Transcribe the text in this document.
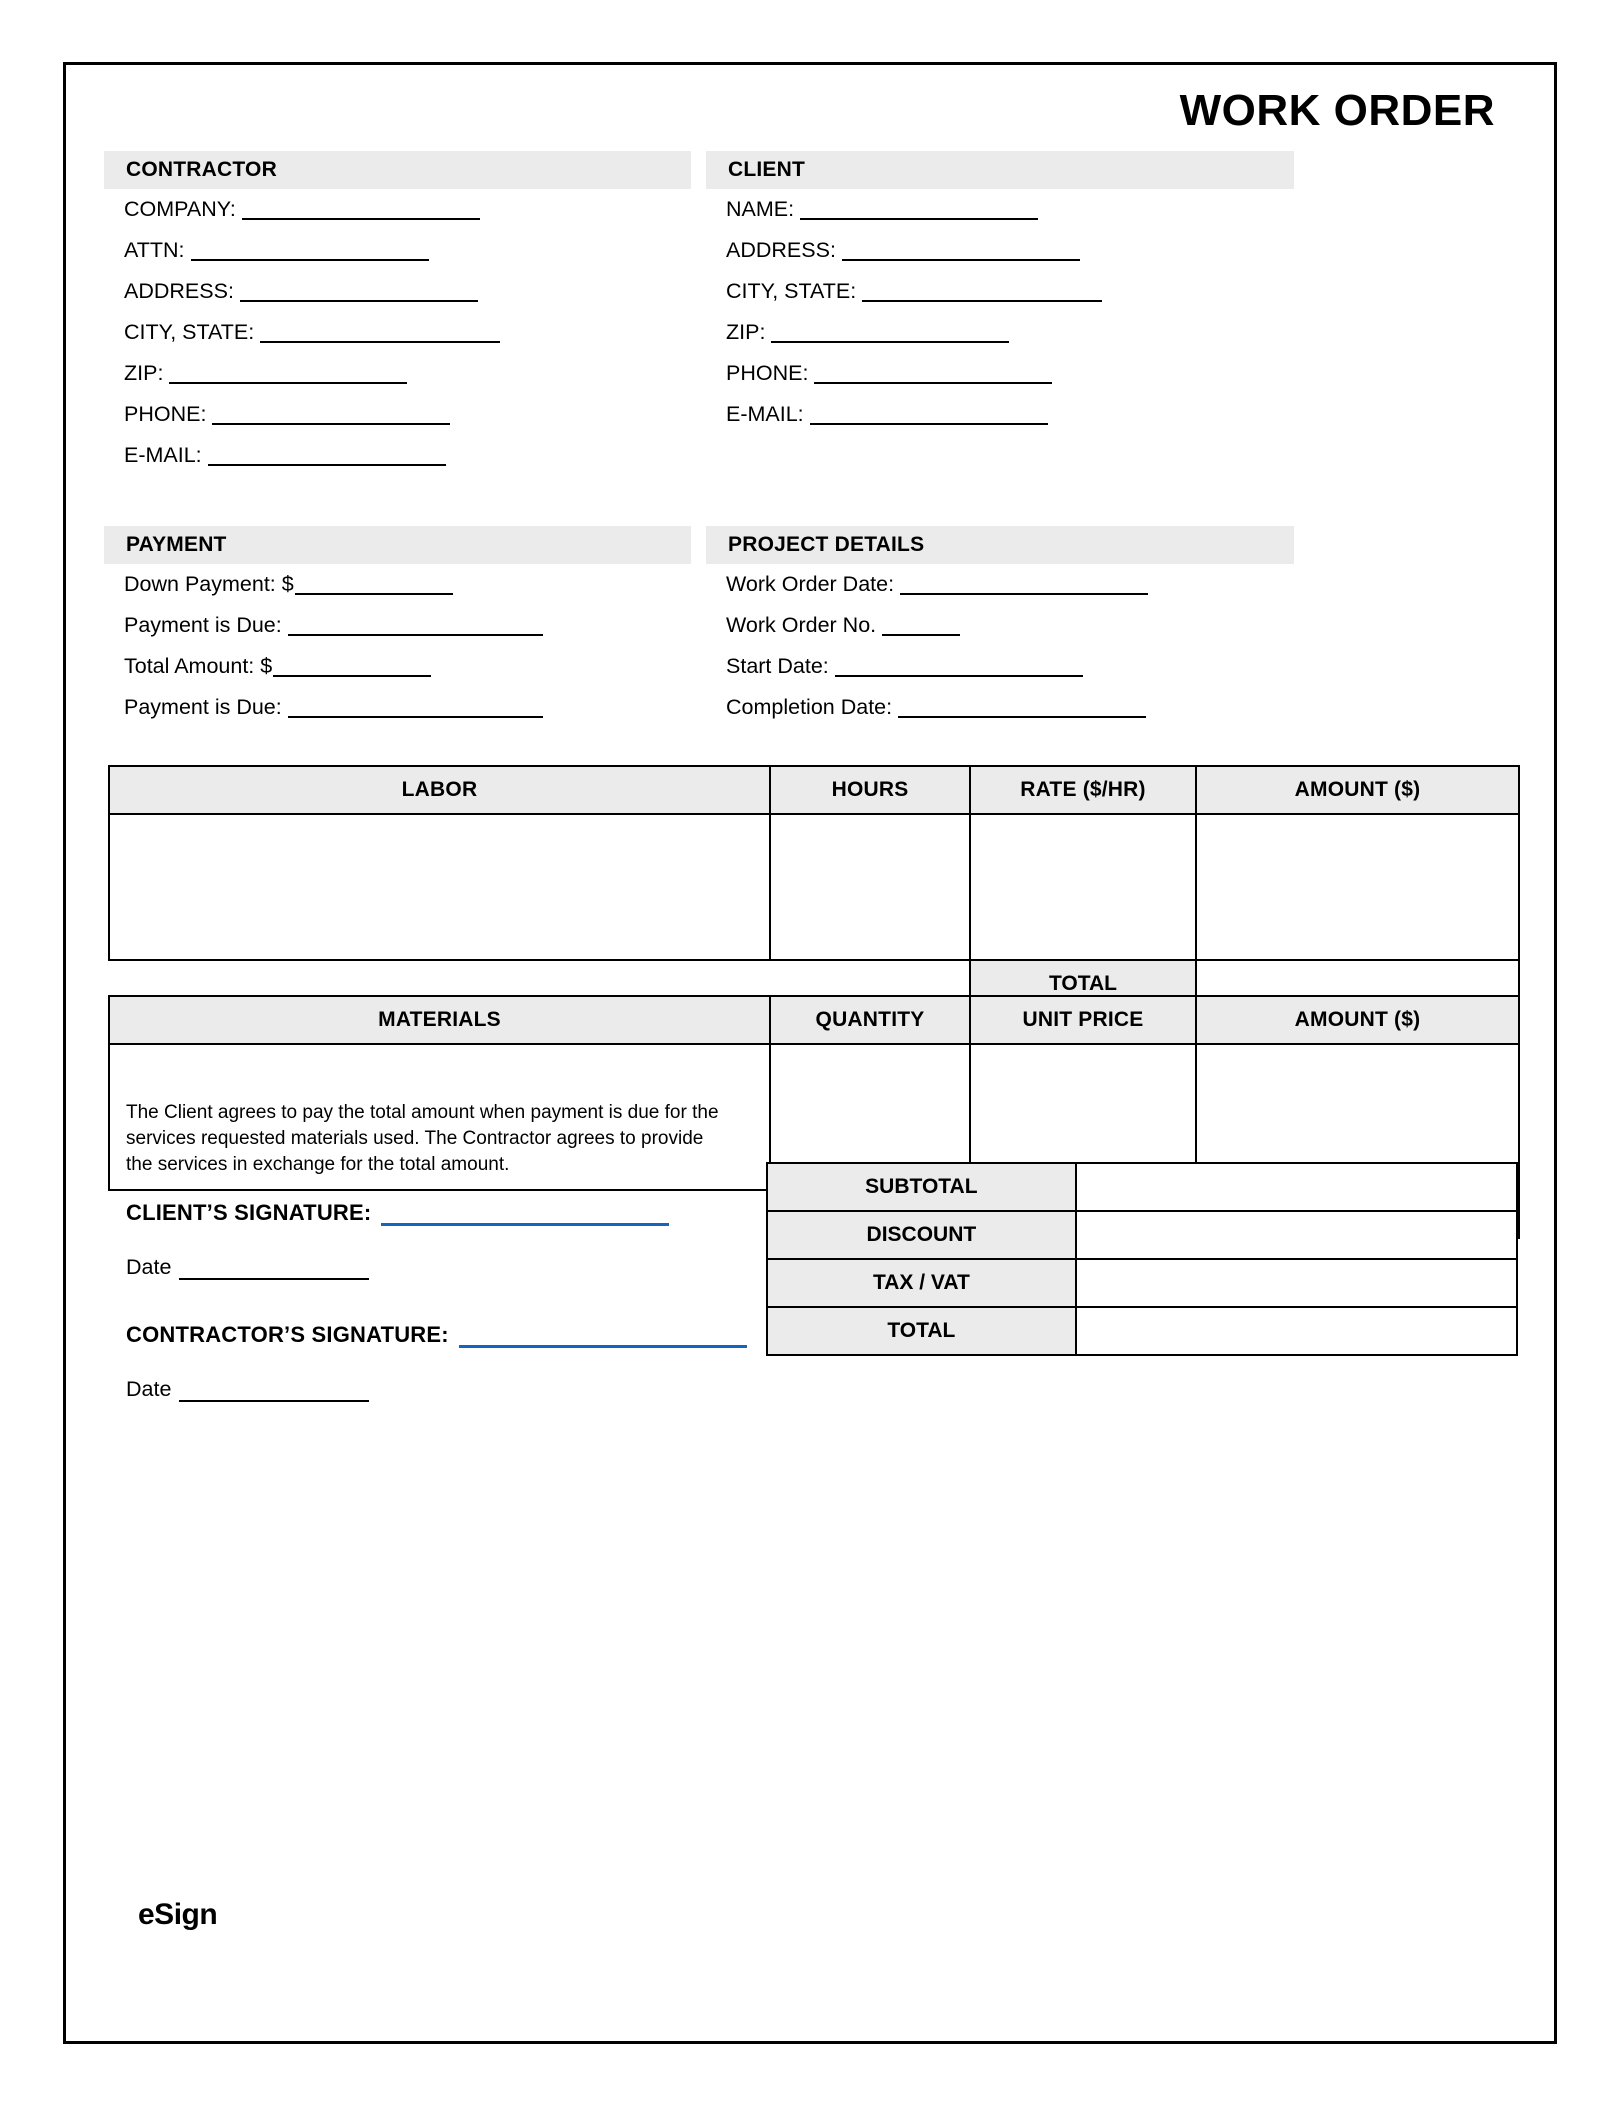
WORK ORDER
CONTRACTOR
COMPANY:
ATTN:
ADDRESS:
CITY, STATE:
ZIP:
PHONE:
E-MAIL:
CLIENT
NAME:
ADDRESS:
CITY, STATE:
ZIP:
PHONE:
E-MAIL:
PAYMENT
Down Payment: $
Payment is Due:
Total Amount: $
Payment is Due:
PROJECT DETAILS
Work Order Date:
Work Order No.
Start Date:
Completion Date:
LABOR	HOURS	RATE ($/HR)	AMOUNT ($)

		TOTAL	
MATERIALS	QUANTITY	UNIT PRICE	AMOUNT ($)

SUBTOTAL	
DISCOUNT	
TAX / VAT	
TOTAL	
The Client agrees to pay the total amount when payment is due for the services requested materials used. The Contractor agrees to provide the services in exchange for the total amount.
CLIENT’S SIGNATURE:
Date
CONTRACTOR’S SIGNATURE:
Date
eSign
